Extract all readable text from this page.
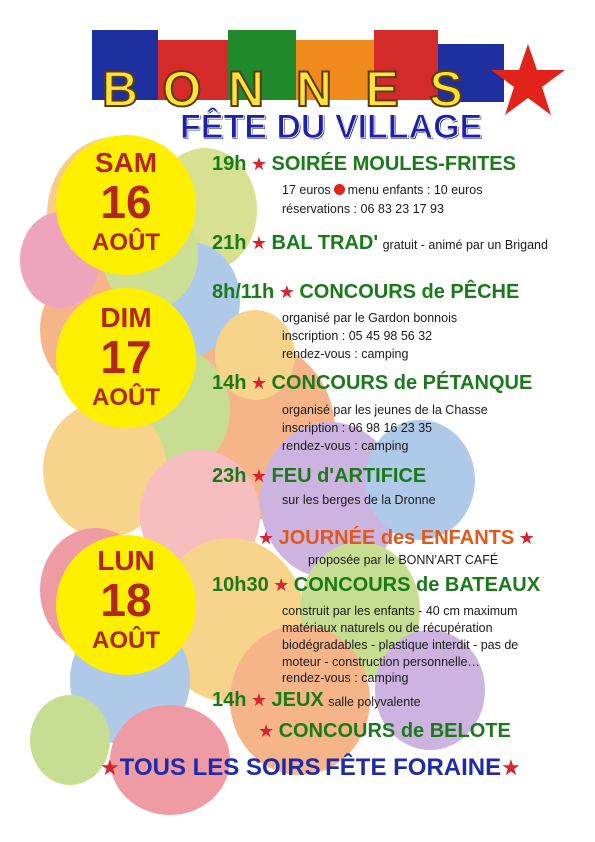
B O N N E S
FÊTE DU VILLAGE
SAM
16
AOÛT
DIM
17
AOÛT
LUN
18
AOÛT
19h ★ SOIRÉE MOULES-FRITES
17 euros menu enfants : 10 euros
réservations : 06 83 23 17 93
21h ★ BAL TRAD' gratuit - animé par un Brigand
8h/11h ★ CONCOURS de PÊCHE
organisé par le Gardon bonnois
inscription : 05 45 98 56 32
rendez-vous : camping
14h ★ CONCOURS de PÉTANQUE
organisé par les jeunes de la Chasse
inscription : 06 98 16 23 35
rendez-vous : camping
23h ★ FEU d'ARTIFICE
sur les berges de la Dronne
★ JOURNÉE des ENFANTS ★
proposée par le BONN'ART CAFÉ
10h30 ★ CONCOURS de BATEAUX
construit par les enfants - 40 cm maximum
matériaux naturels ou de récupération
biodégradables - plastique interdit - pas de
moteur - construction personnelle…
rendez-vous : camping
14h ★ JEUX salle polyvalente
★ CONCOURS de BELOTE
★TOUS LES SOIRS FÊTE FORAINE★
